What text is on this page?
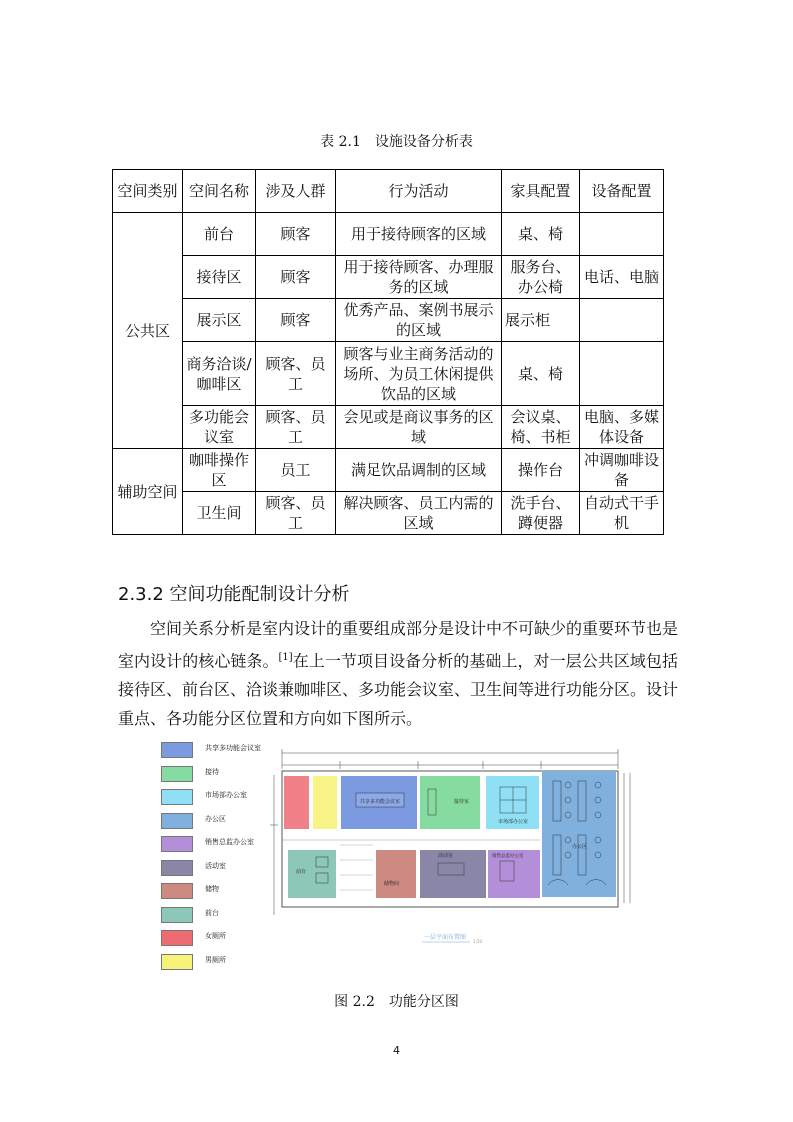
表 2.1　设施设备分析表
空间类别	空间名称	涉及人群	行为活动	家具配置	设备配置
公共区	前台	顾客	用于接待顾客的区域	桌、椅	
	接待区	顾客	用于接待顾客、办理服务的区域	服务台、办公椅	电话、电脑
	展示区	顾客	优秀产品、案例书展示的区域	展示柜	
	商务洽谈/咖啡区	顾客、员工	顾客与业主商务活动的场所、为员工休闲提供饮品的区域	桌、椅	
	多功能会议室	顾客、员工	会见或是商议事务的区域	会议桌、椅、书柜	电脑、多媒体设备
辅助空间	咖啡操作区	员工	满足饮品调制的区域	操作台	冲调咖啡设备
	卫生间	顾客、员工	解决顾客、员工内需的区域	洗手台、蹲便器	自动式干手机
2.3.2 空间功能配制设计分析

空间关系分析是室内设计的重要组成部分是设计中不可缺少的重要环节也是室内设计的核心链条。[1]在上一节项目设备分析的基础上，对一层公共区域包括接待区、前台区、洽谈兼咖啡区、多功能会议室、卫生间等进行功能分区。设计重点、各功能分区位置和方向如下图所示。

共享多功能会议室
接待
市场部办公室
办公区
销售总监办公室
活动室
储物
前台
女厕所
男厕所
共享多功能会议室	接待室
市场部办公室
办公区
前台
储物间
活动室	销售总监办公室
一层平面布置图
1:50
图 2.2　功能分区图
4
